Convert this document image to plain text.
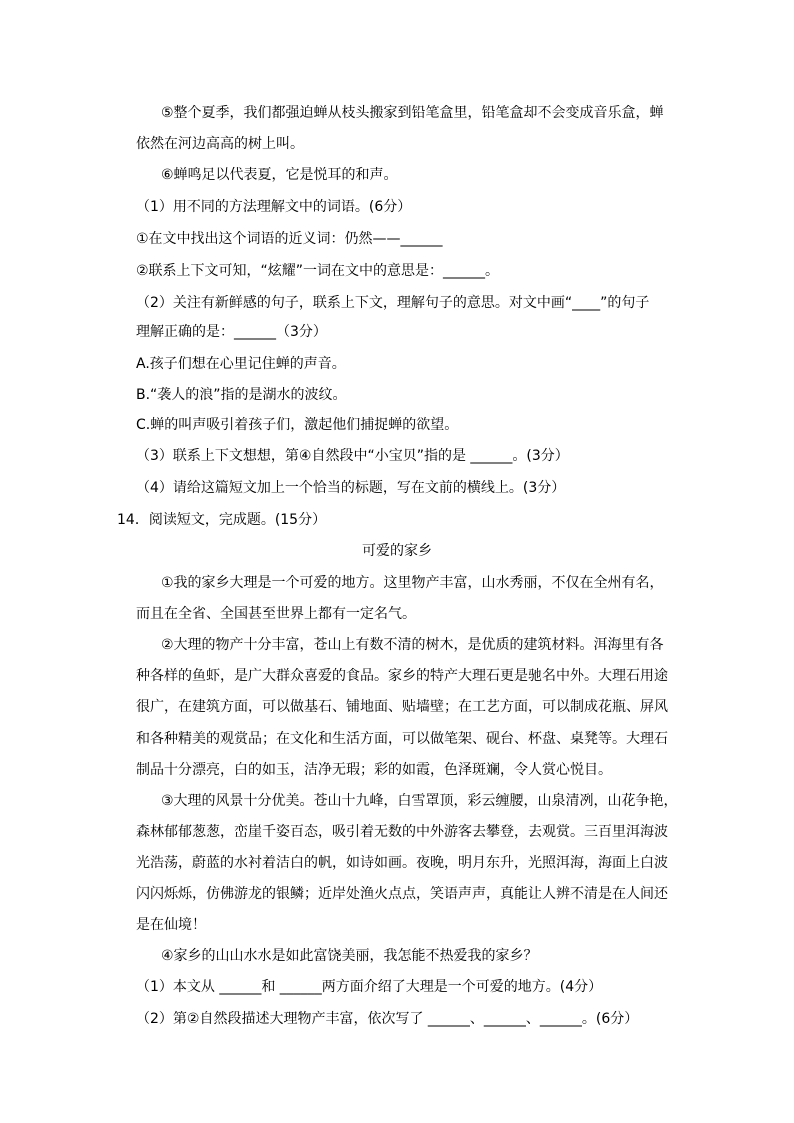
⑤整个夏季，我们都强迫蝉从枝头搬家到铅笔盒里，铅笔盒却不会变成音乐盒，蝉
依然在河边高高的树上叫。
⑥蝉鸣足以代表夏，它是悦耳的和声。
（1）用不同的方法理解文中的词语。(6分）
①在文中找出这个词语的近义词：仍然——______
②联系上下文可知，“炫耀”一词在文中的意思是：______。
（2）关注有新鲜感的句子，联系上下文，理解句子的意思。对文中画“____”的句子
理解正确的是：______（3分）
A.孩子们想在心里记住蝉的声音。
B.“袭人的浪”指的是湖水的波纹。
C.蝉的叫声吸引着孩子们，激起他们捕捉蝉的欲望。
（3）联系上下文想想，第④自然段中“小宝贝”指的是 ______。(3分）
（4）请给这篇短文加上一个恰当的标题，写在文前的横线上。(3分）
14．阅读短文，完成题。(15分）
可爱的家乡
①我的家乡大理是一个可爱的地方。这里物产丰富，山水秀丽，不仅在全州有名，
而且在全省、全国甚至世界上都有一定名气。
②大理的物产十分丰富，苍山上有数不清的树木，是优质的建筑材料。洱海里有各
种各样的鱼虾，是广大群众喜爱的食品。家乡的特产大理石更是驰名中外。大理石用途
很广，在建筑方面，可以做基石、铺地面、贴墙壁；在工艺方面，可以制成花瓶、屏风
和各种精美的观赏品；在文化和生活方面，可以做笔架、砚台、杯盘、桌凳等。大理石
制品十分漂亮，白的如玉，洁净无瑕；彩的如霞，色泽斑斓，令人赏心悦目。
③大理的风景十分优美。苍山十九峰，白雪罩顶，彩云缠腰，山泉清冽，山花争艳，
森林郁郁葱葱，峦崖千姿百态，吸引着无数的中外游客去攀登，去观赏。三百里洱海波
光浩荡，蔚蓝的水衬着洁白的帆，如诗如画。夜晚，明月东升，光照洱海，海面上白波
闪闪烁烁，仿佛游龙的银鳞；近岸处渔火点点，笑语声声，真能让人辨不清是在人间还
是在仙境！
④家乡的山山水水是如此富饶美丽，我怎能不热爱我的家乡？
（1）本文从 ______和 ______两方面介绍了大理是一个可爱的地方。(4分）
（2）第②自然段描述大理物产丰富，依次写了 ______、______、______。(6分）
